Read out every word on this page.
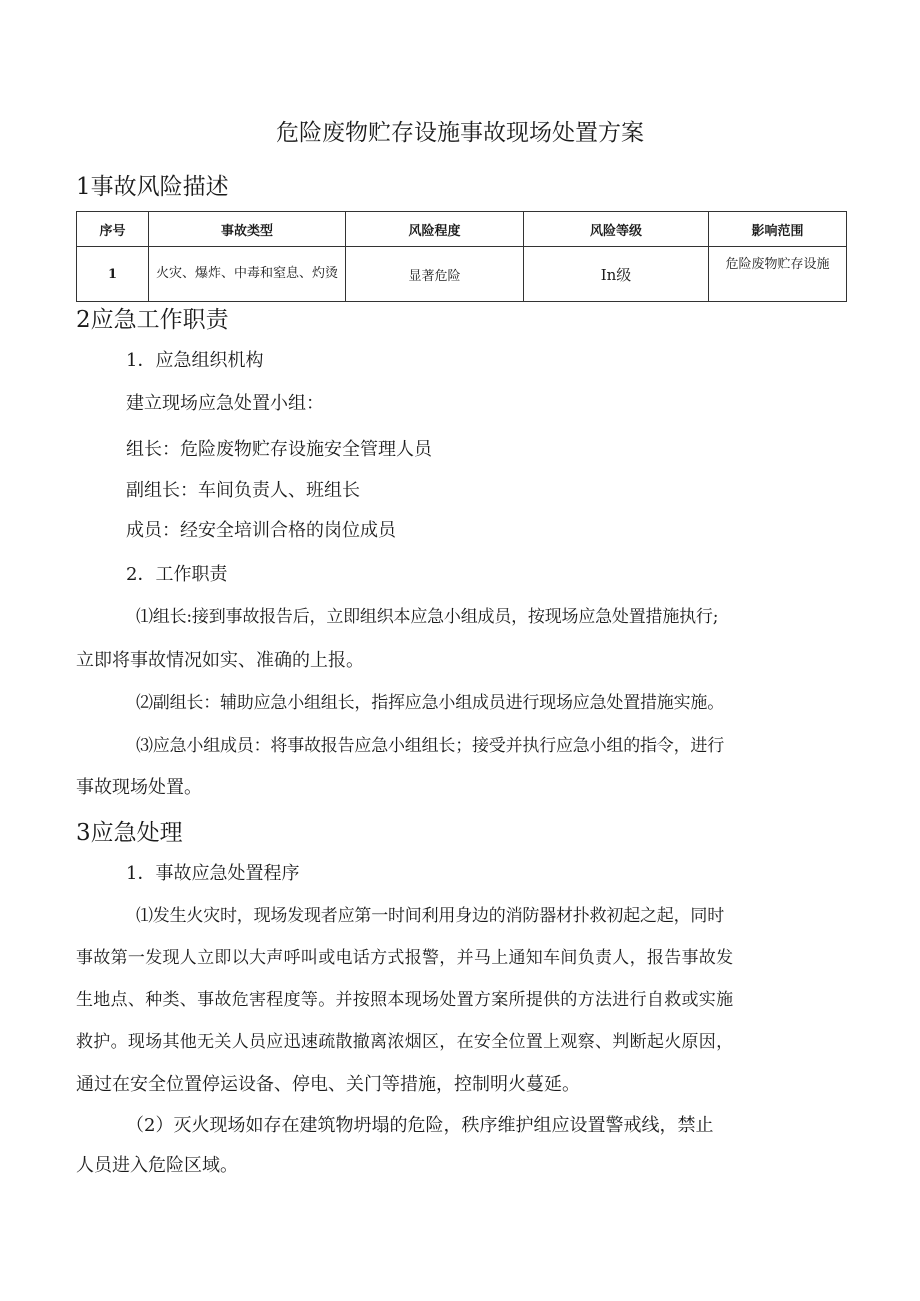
危险废物贮存设施事故现场处置方案
1事故风险描述
序号	事故类型	风险程度	风险等级	影响范围
1	火灾、爆炸、中毒和窒息、灼烫	显著危险	In级	危险废物贮存设施
2应急工作职责
1．应急组织机构
建立现场应急处置小组：
组长：危险废物贮存设施安全管理人员
副组长：车间负责人、班组长
成员：经安全培训合格的岗位成员
2．工作职责
⑴组长:接到事故报告后，立即组织本应急小组成员，按现场应急处置措施执行;
立即将事故情况如实、准确的上报。
⑵副组长：辅助应急小组组长，指挥应急小组成员进行现场应急处置措施实施。
⑶应急小组成员：将事故报告应急小组组长；接受并执行应急小组的指令，进行
事故现场处置。
3应急处理
1．事故应急处置程序
⑴发生火灾时，现场发现者应第一时间利用身边的消防器材扑救初起之起，同时
事故第一发现人立即以大声呼叫或电话方式报警，并马上通知车间负责人，报告事故发
生地点、种类、事故危害程度等。并按照本现场处置方案所提供的方法进行自救或实施
救护。现场其他无关人员应迅速疏散撤离浓烟区，在安全位置上观察、判断起火原因，
通过在安全位置停运设备、停电、关门等措施，控制明火蔓延。
（2）灭火现场如存在建筑物坍塌的危险，秩序维护组应设置警戒线，禁止
人员进入危险区域。
